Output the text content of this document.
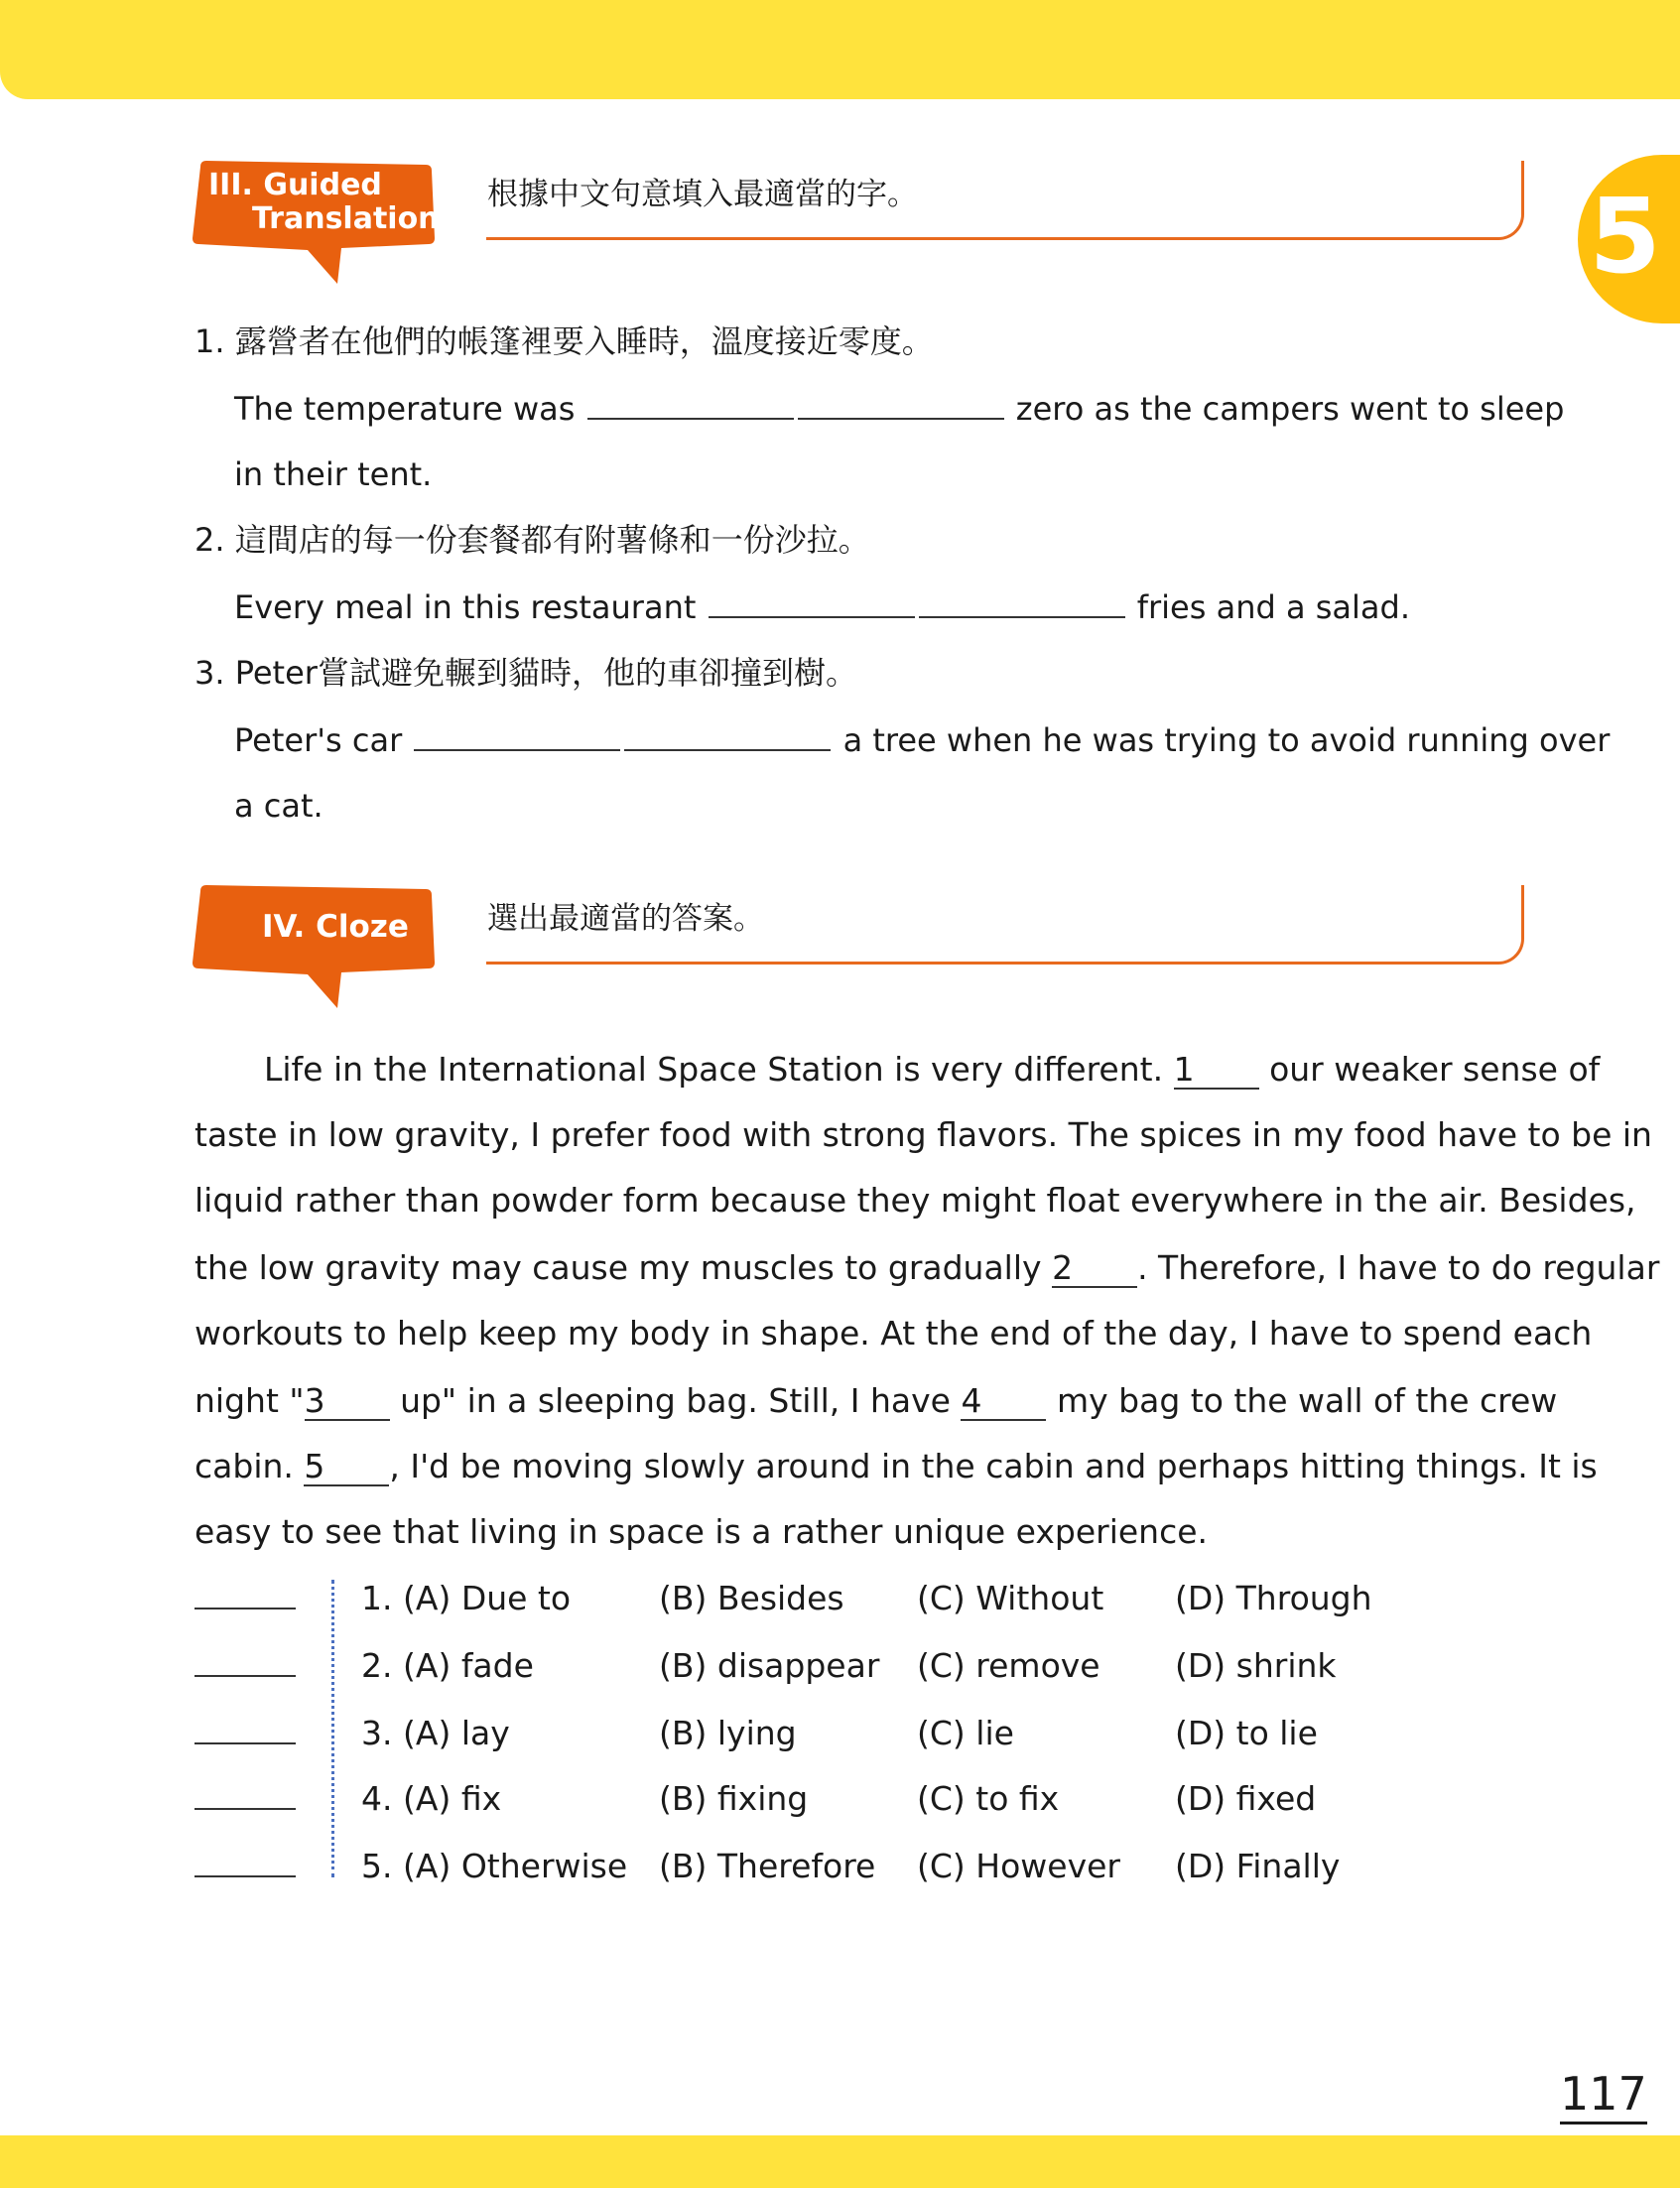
5
III. Guided
Translation
根據中文句意填入最適當的字。
1. 露營者在他們的帳篷裡要入睡時，溫度接近零度。
The temperature was	zero as the campers went to sleep
in their tent.
2. 這間店的每一份套餐都有附薯條和一份沙拉。
Every meal in this restaurant	fries and a salad.
3. Peter嘗試避免輾到貓時，他的車卻撞到樹。
Peter's car	a tree when he was trying to avoid running over
a cat.
IV. Cloze	選出最適當的答案。
Life in the International Space Station is very different. 1 our weaker sense of
taste in low gravity, I prefer food with strong flavors. The spices in my food have to be in
liquid rather than powder form because they might float everywhere in the air. Besides,
the low gravity may cause my muscles to gradually 2 . Therefore, I have to do regular
workouts to help keep my body in shape. At the end of the day, I have to spend each
night "3 up" in a sleeping bag. Still, I have 4 my bag to the wall of the crew
cabin. 5 , I'd be moving slowly around in the cabin and perhaps hitting things. It is
easy to see that living in space is a rather unique experience.
1. (A) Due to	(B) Besides (C) Without (D) Through
2. (A) fade	(B) disappear (C) remove (D) shrink
3. (A) lay	(B) lying	(C) lie	(D) to lie
4. (A) fix	(B) fixing	(C) to fix	(D) fixed
5. (A) Otherwise (B) Therefore (C) However (D) Finally
117
